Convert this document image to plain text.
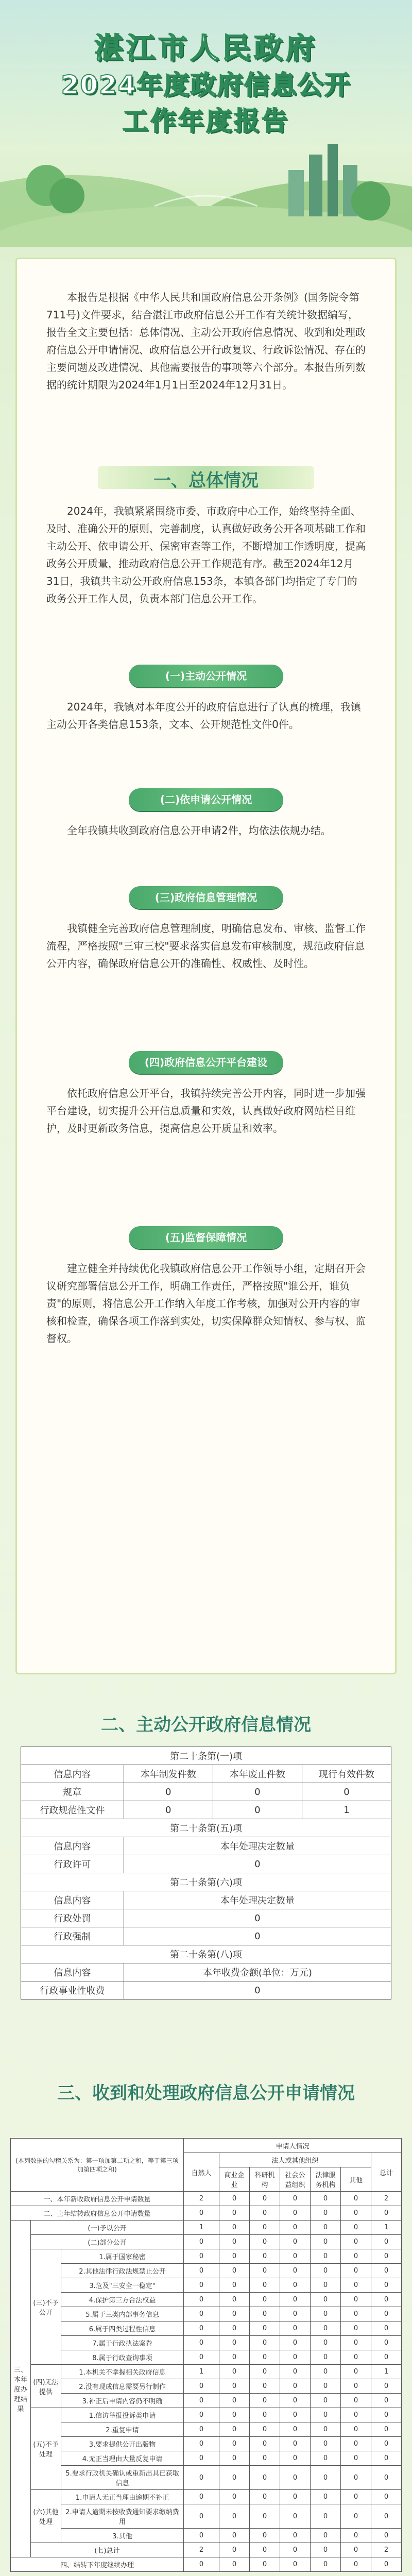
湛江市人民政府
2024年度政府信息公开
工作年度报告
本报告是根据《中华人民共和国政府信息公开条例》(国务院令第711号)文件要求，结合湛江市政府信息公开工作有关统计数据编写，报告全文主要包括：总体情况、主动公开政府信息情况、收到和处理政府信息公开申请情况、政府信息公开行政复议、行政诉讼情况、存在的主要问题及改进情况、其他需要报告的事项等六个部分。本报告所列数据的统计期限为2024年1月1日至2024年12月31日。
一、总体情况
2024年，我镇紧紧围绕市委、市政府中心工作，始终坚持全面、及时、准确公开的原则，完善制度，认真做好政务公开各项基础工作和主动公开、依申请公开、保密审查等工作，不断增加工作透明度，提高政务公开质量，推动政府信息公开工作规范有序。截至2024年12月31日，我镇共主动公开政府信息153条，本镇各部门均指定了专门的政务公开工作人员，负责本部门信息公开工作。
(一)主动公开情况
2024年，我镇对本年度公开的政府信息进行了认真的梳理，我镇主动公开各类信息153条，文本、公开规范性文件0件。
(二)依申请公开情况
全年我镇共收到政府信息公开申请2件，均依法依规办结。
(三)政府信息管理情况
我镇健全完善政府信息管理制度，明确信息发布、审核、监督工作流程，严格按照"三审三校"要求落实信息发布审核制度，规范政府信息公开内容，确保政府信息公开的准确性、权威性、及时性。
(四)政府信息公开平台建设
依托政府信息公开平台，我镇持续完善公开内容，同时进一步加强平台建设，切实提升公开信息质量和实效，认真做好政府网站栏目维护，及时更新政务信息，提高信息公开质量和效率。
(五)监督保障情况
建立健全并持续优化我镇政府信息公开工作领导小组，定期召开会议研究部署信息公开工作，明确工作责任，严格按照"谁公开，谁负责"的原则，将信息公开工作纳入年度工作考核，加强对公开内容的审核和检查，确保各项工作落到实处，切实保障群众知情权、参与权、监督权。
二、主动公开政府信息情况
第二十条第(一)项			
信息内容	本年制发件数	本年废止件数	现行有效件数
规章	0	0	0
行政规范性文件	0	0	1
第二十条第(五)项			
信息内容	本年处理决定数量		
行政许可	0		
第二十条第(六)项			
信息内容	本年处理决定数量		
行政处罚	0		
行政强制	0		
第二十条第(八)项			
信息内容	本年收费金额(单位：万元)		
行政事业性收费	0		
三、收到和处理政府信息公开申请情况
(本列数据的勾稽关系为：第一项加第二项之和，等于第三项加第四项之和)			申请人情况						
			自然人	法人或其他组织					总计
				商业企业	科研机构	社会公益组织	法律服务机构	其他	
一、本年新收政府信息公开申请数量			2	0	0	0	0	0	2
二、上年结转政府信息公开申请数量			0	0	0	0	0	0	0
三、本年度办理结果	(一)予以公开		1	0	0	0	0	0	1
	(二)部分公开		0	0	0	0	0	0	0
	(三)不予公开	1.属于国家秘密	0	0	0	0	0	0	0
		2.其他法律行政法规禁止公开	0	0	0	0	0	0	0
		3.危及"三安全一稳定"	0	0	0	0	0	0	0
		4.保护第三方合法权益	0	0	0	0	0	0	0
		5.属于三类内部事务信息	0	0	0	0	0	0	0
		6.属于四类过程性信息	0	0	0	0	0	0	0
		7.属于行政执法案卷	0	0	0	0	0	0	0
		8.属于行政查询事项	0	0	0	0	0	0	0
	(四)无法提供	1.本机关不掌握相关政府信息	1	0	0	0	0	0	1
		2.没有现成信息需要另行制作	0	0	0	0	0	0	0
		3.补正后申请内容仍不明确	0	0	0	0	0	0	0
	(五)不予处理	1.信访举报投诉类申请	0	0	0	0	0	0	0
		2.重复申请	0	0	0	0	0	0	0
		3.要求提供公开出版物	0	0	0	0	0	0	0
		4.无正当理由大量反复申请	0	0	0	0	0	0	0
		5.要求行政机关确认或重新出具已获取信息	0	0	0	0	0	0	0
	(六)其他处理	1.申请人无正当理由逾期不补正	0	0	0	0	0	0	0
		2.申请人逾期未按收费通知要求缴纳费用	0	0	0	0	0	0	0
		3.其他	0	0	0	0	0	0	0
	(七)总计		2	0	0	0	0	0	2
四、结转下年度继续办理			0	0	0	0	0	0	0
